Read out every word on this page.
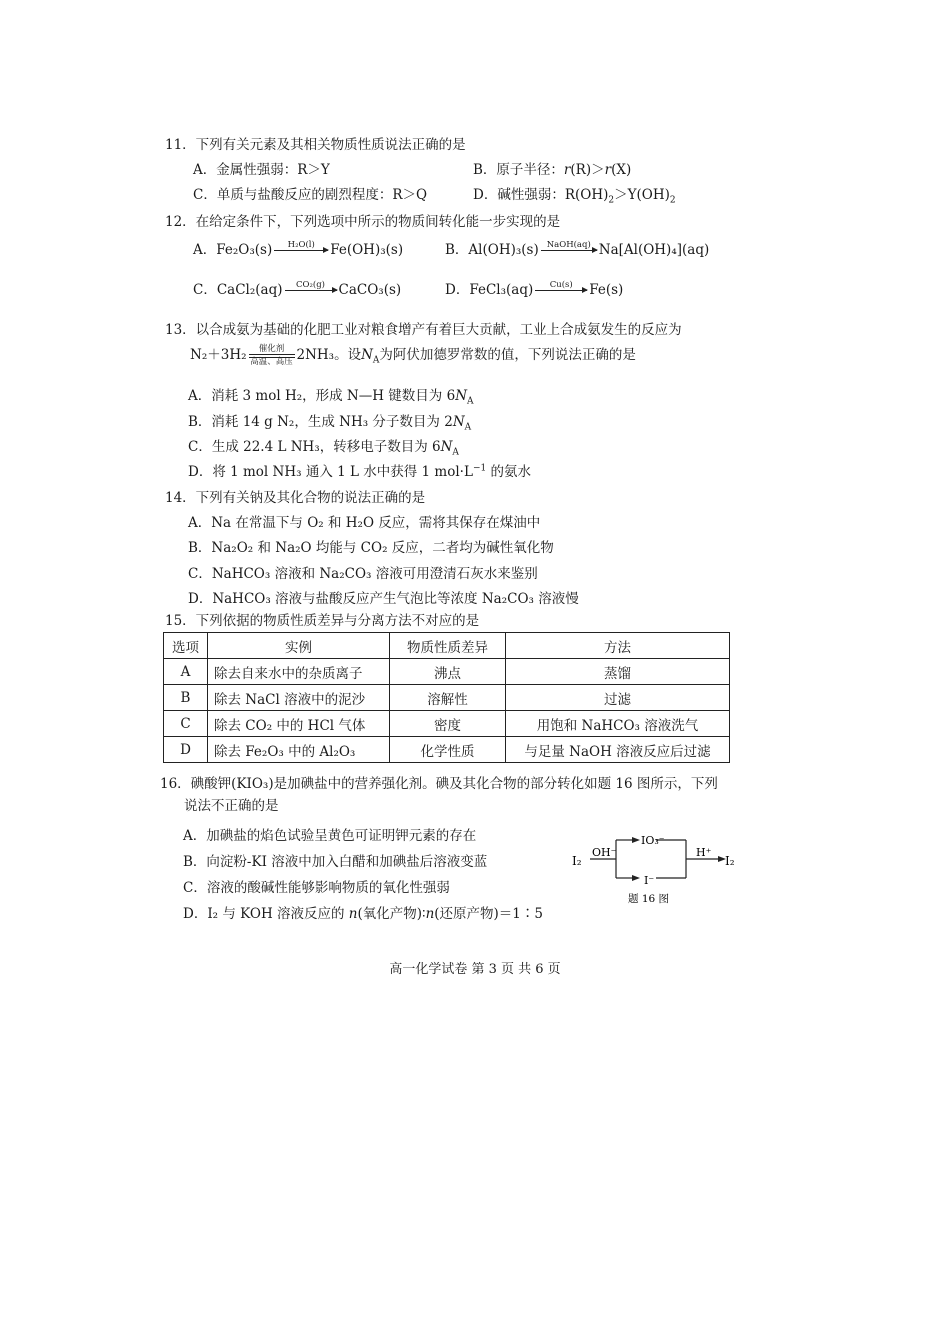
11．下列有关元素及其相关物质性质说法正确的是
A．金属性强弱：R＞Y	B．原子半径：r(R)＞r(X)
C．单质与盐酸反应的剧烈程度：R＞Q	D．碱性强弱：$R(OH)_2>Y(OH)_2$
12．在给定条件下，下列选项中所示的物质间转化能一步实现的是
A．Fe₂O₃(s)	H₂O(l)
	Fe(OH)₃(s)	B．Al(OH)₃(s) NaOH(aq)
Na[Al(OH)₄](aq)
C．CaCl₂(aq)	CO₂(g)
	CaCO₃(s)	D．FeCl₃(aq)	Cu(s)
	Fe(s)
13．以合成氨为基础的化肥工业对粮食增产有着巨大贡献，工业上合成氨发生的反应为
N₂＋3H₂	催化剂
高温、高压 2NH₃。设$N_A$为阿伏加德罗常数的值，下列说法正确的是
A．消耗 3 mol H₂，形成 N—H 键数目为 $6N_A$
B．消耗 14 g N₂，生成 NH₃ 分子数目为 $2N_A$
C．生成 22.4 L NH₃，转移电子数目为 $6N_A$
D．将 1 mol NH₃ 通入 1 L 水中获得 1 $mol\cdot L^{-1}$ 的氨水
14．下列有关钠及其化合物的说法正确的是
A．Na 在常温下与 O₂ 和 H₂O 反应，需将其保存在煤油中
B．Na₂O₂ 和 Na₂O 均能与 CO₂ 反应，二者均为碱性氧化物
C．NaHCO₃ 溶液和 Na₂CO₃ 溶液可用澄清石灰水来鉴别
D．NaHCO₃ 溶液与盐酸反应产生气泡比等浓度 Na₂CO₃ 溶液慢
15．下列依据的物质性质差异与分离方法不对应的是
选项	实例	物质性质差异	方法
A	除去自来水中的杂质离子	沸点	蒸馏
B	除去 NaCl 溶液中的泥沙	溶解性	过滤
C	除去 CO₂ 中的 HCl 气体	密度	用饱和 NaHCO₃ 溶液洗气
D	除去 Fe₂O₃ 中的 Al₂O₃	化学性质	与足量 NaOH 溶液反应后过滤
16．碘酸钾(KIO₃)是加碘盐中的营养强化剂。碘及其化合物的部分转化如题 16 图所示，下列
说法不正确的是
A．加碘盐的焰色试验呈黄色可证明钾元素的存在
B．向淀粉-KI 溶液中加入白醋和加碘盐后溶液变蓝
C．溶液的酸碱性能够影响物质的氧化性强弱
D．I₂ 与 KOH 溶液反应的 n(氧化产物)∶n(还原产物)＝1∶5
I₂
OH⁻
IO₃⁻
I⁻
H⁺
I₂
题 16 图
高一化学试卷 第 3 页 共 6 页
